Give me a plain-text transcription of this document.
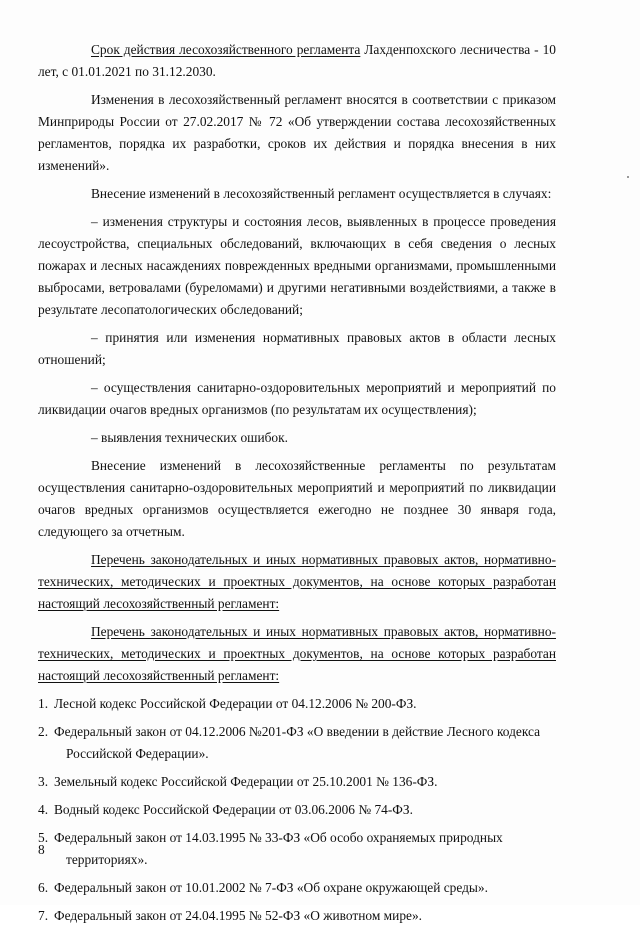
Срок действия лесохозяйственного регламента Лахденпохского лесничества - 10 лет, с 01.01.2021 по 31.12.2030.

Изменения в лесохозяйственный регламент вносятся в соответствии с приказом Минприроды России от 27.02.2017 № 72 «Об утверждении состава лесохозяйственных регламентов, порядка их разработки, сроков их действия и порядка внесения в них изменений».

Внесение изменений в лесохозяйственный регламент осуществляется в случаях:

– изменения структуры и состояния лесов, выявленных в процессе проведения лесоустройства, специальных обследований, включающих в себя сведения о лесных пожарах и лесных насаждениях поврежденных вредными организмами, промышленными выбросами, ветровалами (буреломами) и другими негативными воздействиями, а также в результате лесопатологических обследований;

– принятия или изменения нормативных правовых актов в области лесных отношений;

– осуществления санитарно-оздоровительных мероприятий и мероприятий по ликвидации очагов вредных организмов (по результатам их осуществления);

– выявления технических ошибок.

Внесение изменений в лесохозяйственные регламенты по результатам осуществления санитарно-оздоровительных мероприятий и мероприятий по ликвидации очагов вредных организмов осуществляется ежегодно не позднее 30 января года, следующего за отчетным.

Перечень законодательных и иных нормативных правовых актов, нормативно-технических, методических и проектных документов, на основе которых разработан настоящий лесохозяйственный регламент:

Перечень законодательных и иных нормативных правовых актов, нормативно-технических, методических и проектных документов, на основе которых разработан настоящий лесохозяйственный регламент:

1. Лесной кодекс Российской Федерации от 04.12.2006 № 200-ФЗ.
2. Федеральный закон от 04.12.2006 №201-ФЗ «О введении в действие Лесного кодекса
Российской Федерации».
3. Земельный кодекс Российской Федерации от 25.10.2001 № 136-ФЗ.
4. Водный кодекс Российской Федерации от 03.06.2006 № 74-ФЗ.
5. Федеральный закон от 14.03.1995 № 33-ФЗ «Об особо охраняемых природных
территориях».
6. Федеральный закон от 10.01.2002 № 7-ФЗ «Об охране окружающей среды».
7. Федеральный закон от 24.04.1995 № 52-ФЗ «О животном мире».
8
